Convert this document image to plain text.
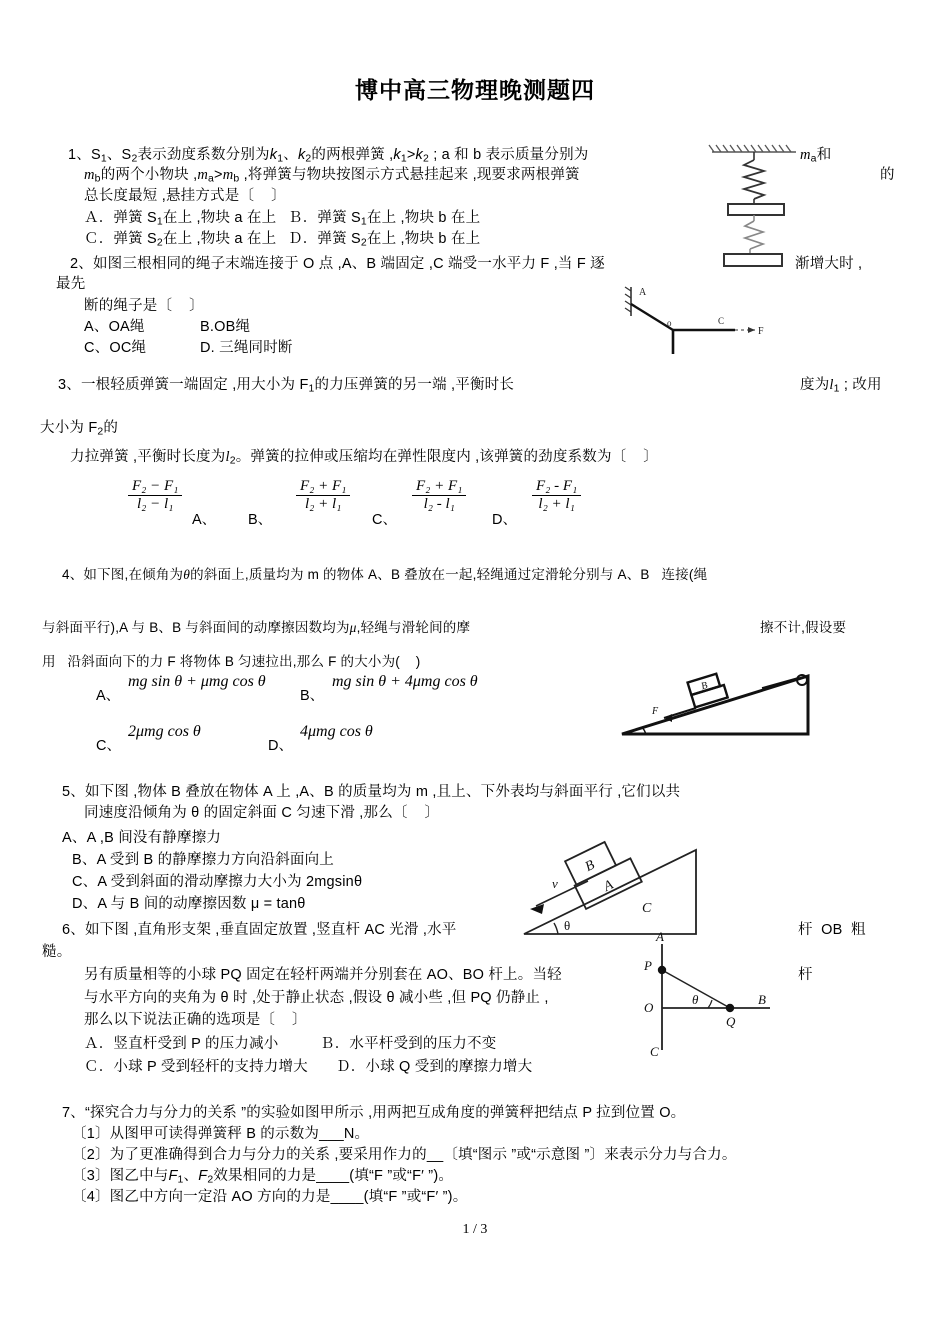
博中高三物理晚测题四
1、$S_1$、$S_2$表示劲度系数分别为$k_1$、$k_2$的两根弹簧 $,k_1>k_2$ ; a 和 b 表示质量分别为	$m_a$和
的
$m_b$的两个小物块 $,m_a>m_b$ ,将弹簧与物块按图示方式悬挂起来 ,现要求两根弹簧
总长度最短 ,悬挂方式是〔    〕
Ａ．弹簧 $S_1$在上 ,物块 a 在上 Ｂ．弹簧 $S_1$在上 ,物块 b 在上
Ｃ．弹簧 $S_2$在上 ,物块 a 在上 Ｄ．弹簧 $S_2$在上 ,物块 b 在上
2、如图三根相同的绳子末端连接于 O 点 ,A、B 端固定 ,C 端受一水平力 F ,当 F 逐	渐增大时 ,
最先
断的绳子是〔    〕
A、OA绳	B.OB绳
C、OC绳	D. 三绳同时断
A
F
C
o
3、一根轻质弹簧一端固定 ,用大小为 $F_1$的力压弹簧的另一端 ,平衡时长	度为$l_1$ ; 改用
大小为 $F_2$的
力拉弹簧 ,平衡时长度为$l_2$。弹簧的拉伸或压缩均在弹性限度内 ,该弹簧的劲度系数为〔    〕
$\frac{\text{F₂ − F₁}}{\text{l₂ − l₁}}$
A、 B、
$\frac{\text{F₂ + F₁}}{\text{l₂ + l₁}}$
C、
$\frac{\text{F₂ + F₁}}{\text{l₂ - l₁}}$
D、
$\frac{\text{F₂ - F₁}}{\text{l₂ + l₁}}$
4、如下图,在倾角为θ的斜面上,质量均为 m 的物体 A、B 叠放在一起,轻绳通过定滑轮分别与 A、B   连接(绳
与斜面平行),A 与 B、B 与斜面间的动摩擦因数均为μ,轻绳与滑轮间的摩	擦不计,假设要
用   沿斜面向下的力 F 将物体 B 匀速拉出,那么 F 的大小为(    )
A、
mg sin θ + μmg cos θ
B、
mg sin θ + 4μmg cos θ
C、
2μmg cos θ
D、
4μmg cos θ
B
F
5、如下图 ,物体 B 叠放在物体 A 上 ,A、B 的质量均为 m ,且上、下外表均与斜面平行 ,它们以共
同速度沿倾角为 θ 的固定斜面 C 匀速下滑 ,那么〔    〕
A、A ,B 间没有静摩擦力
B、A 受到 B 的静摩擦力方向沿斜面向上
C、A 受到斜面的滑动摩擦力大小为 2mgsinθ
D、A 与 B 间的动摩擦因数 μ = tanθ
θ
C
A
B
v
6、如下图 ,直角形支架 ,垂直固定放置 ,竖直杆 AC 光滑 ,水平	杆  OB  粗
糙。
另有质量相等的小球 PQ 固定在轻杆两端并分别套在 AO、BO 杆上。当轻	杆
与水平方向的夹角为 θ 时 ,处于静止状态 ,假设 θ 减小些 ,但 PQ 仍静止 ,
那么以下说法正确的选项是〔    〕
Ａ．竖直杆受到 P 的压力减小	Ｂ．水平杆受到的压力不变
Ｃ．小球 P 受到轻杆的支持力增大 Ｄ．小球 Q 受到的摩擦力增大
θ
A
P
O
C
B
Q
7、“探究合力与分力的关系 ”的实验如图甲所示 ,用两把互成角度的弹簧秤把结点 P 拉到位置 O。
〔1〕从图甲可读得弹簧秤 B 的示数为___N。
〔2〕为了更准确得到合力与分力的关系 ,要采用作力的__〔填“图示 ”或“示意图 ”〕来表示分力与合力。
〔3〕图乙中与$F_1$、$F_2$效果相同的力是____(填“F ”或“F′ ”)。
〔4〕图乙中方向一定沿 AO 方向的力是____(填“F ”或“F′ ”)。
1 / 3
